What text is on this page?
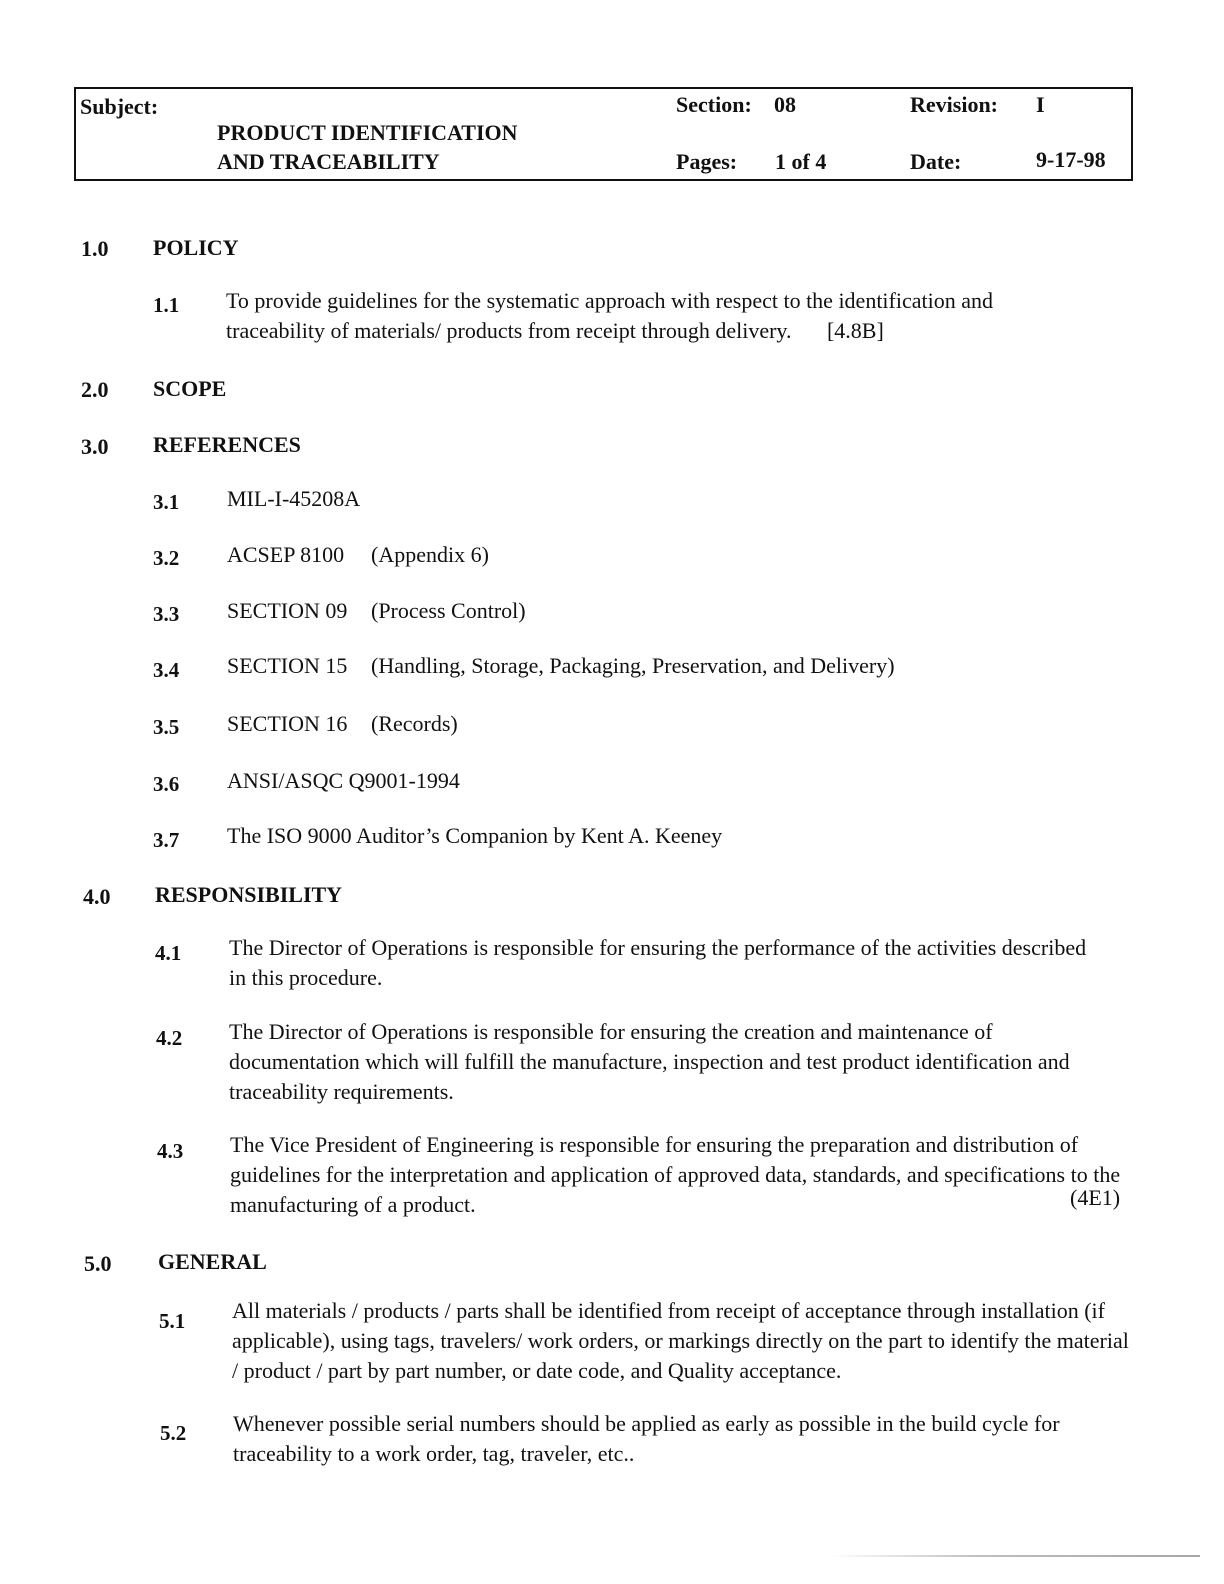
Subject:
PRODUCT IDENTIFICATION
AND TRACEABILITY
Section: 08	Revision: I
Pages: 1 of 4	Date:	9-17-98
1.0 POLICY
1.1 To provide guidelines for the systematic approach with respect to the identification and traceability of materials/ products from receipt through delivery. [4.8B]
2.0 SCOPE
3.0 REFERENCES
3.1 MIL-I-45208A
3.2 ACSEP 8100 (Appendix 6)
3.3 SECTION 09 (Process Control)
3.4 SECTION 15 (Handling, Storage, Packaging, Preservation, and Delivery)
3.5 SECTION 16 (Records)
3.6 ANSI/ASQC Q9001-1994
3.7 The ISO 9000 Auditor’s Companion by Kent A. Keeney
4.0 RESPONSIBILITY
4.1 The Director of Operations is responsible for ensuring the performance of the activities described in this procedure.
4.2 The Director of Operations is responsible for ensuring the creation and maintenance of documentation which will fulfill the manufacture, inspection and test product identification and traceability requirements.
4.3 The Vice President of Engineering is responsible for ensuring the preparation and distribution of guidelines for the interpretation and application of approved data, standards, and specifications to the manufacturing of a product.	(4E1)
5.0 GENERAL
5.1 All materials / products / parts shall be identified from receipt of acceptance through installation (if applicable), using tags, travelers/ work orders, or markings directly on the part to identify the material / product / part by part number, or date code, and Quality acceptance.
5.2 Whenever possible serial numbers should be applied as early as possible in the build cycle for traceability to a work order, tag, traveler, etc..
